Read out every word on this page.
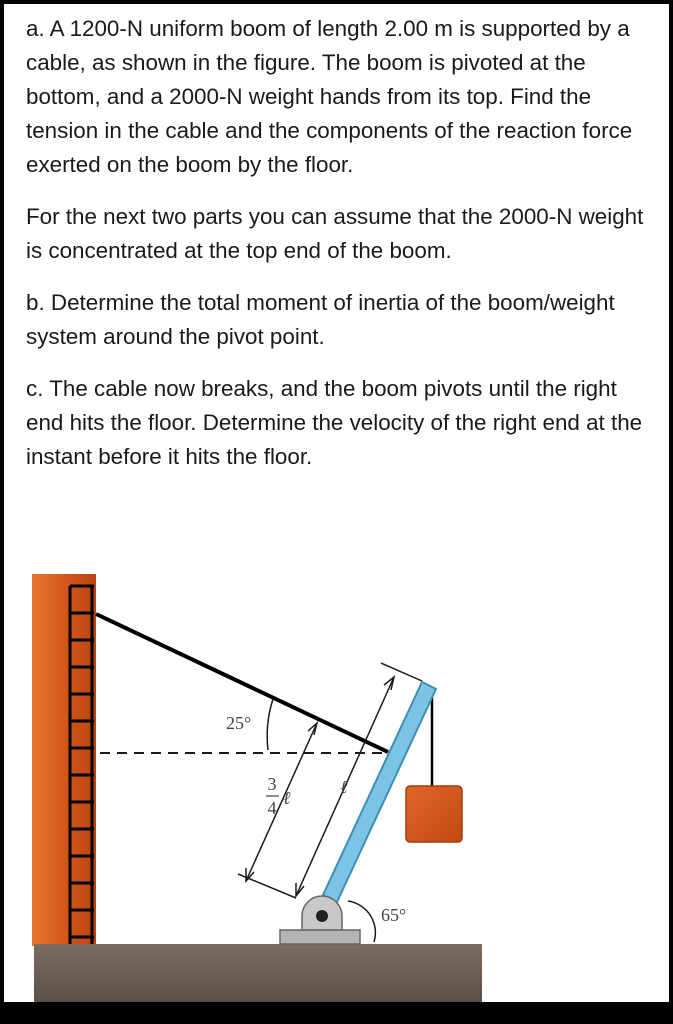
a. A 1200-N uniform boom of length 2.00 m is supported by a cable, as shown in the figure. The boom is pivoted at the bottom, and a 2000-N weight hands from its top. Find the tension in the cable and the components of the reaction force exerted on the boom by the floor.

For the next two parts you can assume that the 2000-N weight is concentrated at the top end of the boom.

b. Determine the total moment of inertia of the boom/weight system around the pivot point.

c. The cable now breaks, and the boom pivots until the right end hits the floor. Determine the velocity of the right end at the instant before it hits the floor.

25°
65°
ℓ
3
4 ℓ
